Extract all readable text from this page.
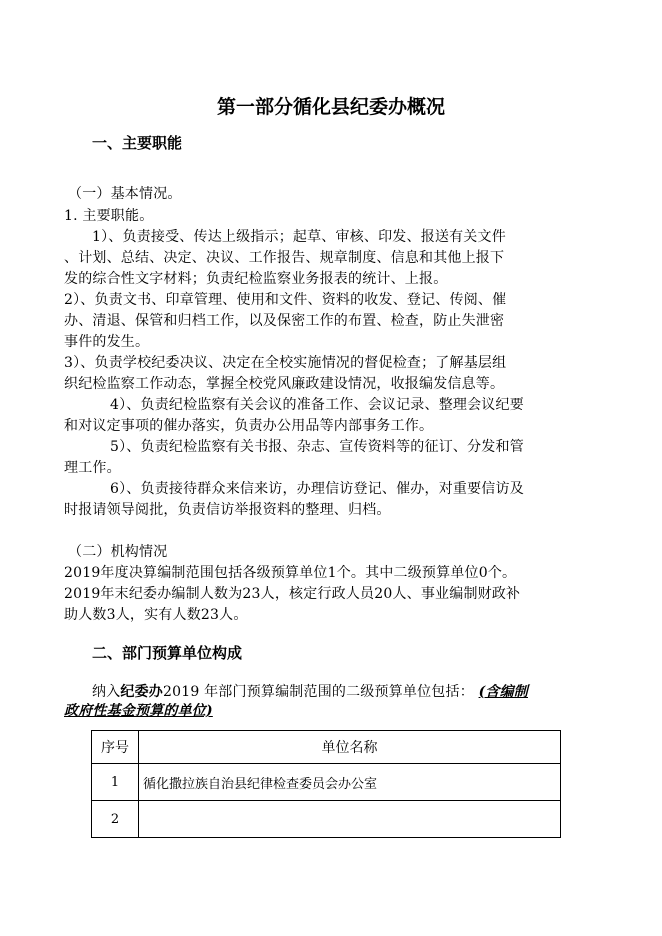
第一部分循化县纪委办概况
一、主要职能
（一）基本情况。
1. 主要职能。
1）、负责接受、传达上级指示；起草、审核、印发、报送有关文件
、计划、总结、决定、决议、工作报告、规章制度、信息和其他上报下
发的综合性文字材料；负责纪检监察业务报表的统计、上报。
2）、负责文书、印章管理、使用和文件、资料的收发、登记、传阅、催
办、清退、保管和归档工作，以及保密工作的布置、检查，防止失泄密
事件的发生。
3）、负责学校纪委决议、决定在全校实施情况的督促检查；了解基层组
织纪检监察工作动态，掌握全校党风廉政建设情况，收报编发信息等。
4）、负责纪检监察有关会议的准备工作、会议记录、整理会议纪要
和对议定事项的催办落实，负责办公用品等内部事务工作。
5）、负责纪检监察有关书报、杂志、宣传资料等的征订、分发和管
理工作。
6）、负责接待群众来信来访，办理信访登记、催办，对重要信访及
时报请领导阅批，负责信访举报资料的整理、归档。
（二）机构情况
2019年度决算编制范围包括各级预算单位1个。其中二级预算单位0个。
2019年末纪委办编制人数为23人，核定行政人员20人、事业编制财政补
助人数3人，实有人数23人。
二、部门预算单位构成
纳入纪委办2019 年部门预算编制范围的二级预算单位包括： (含编制
政府性基金预算的单位)
序号	单位名称
1	循化撒拉族自治县纪律检查委员会办公室
2	
